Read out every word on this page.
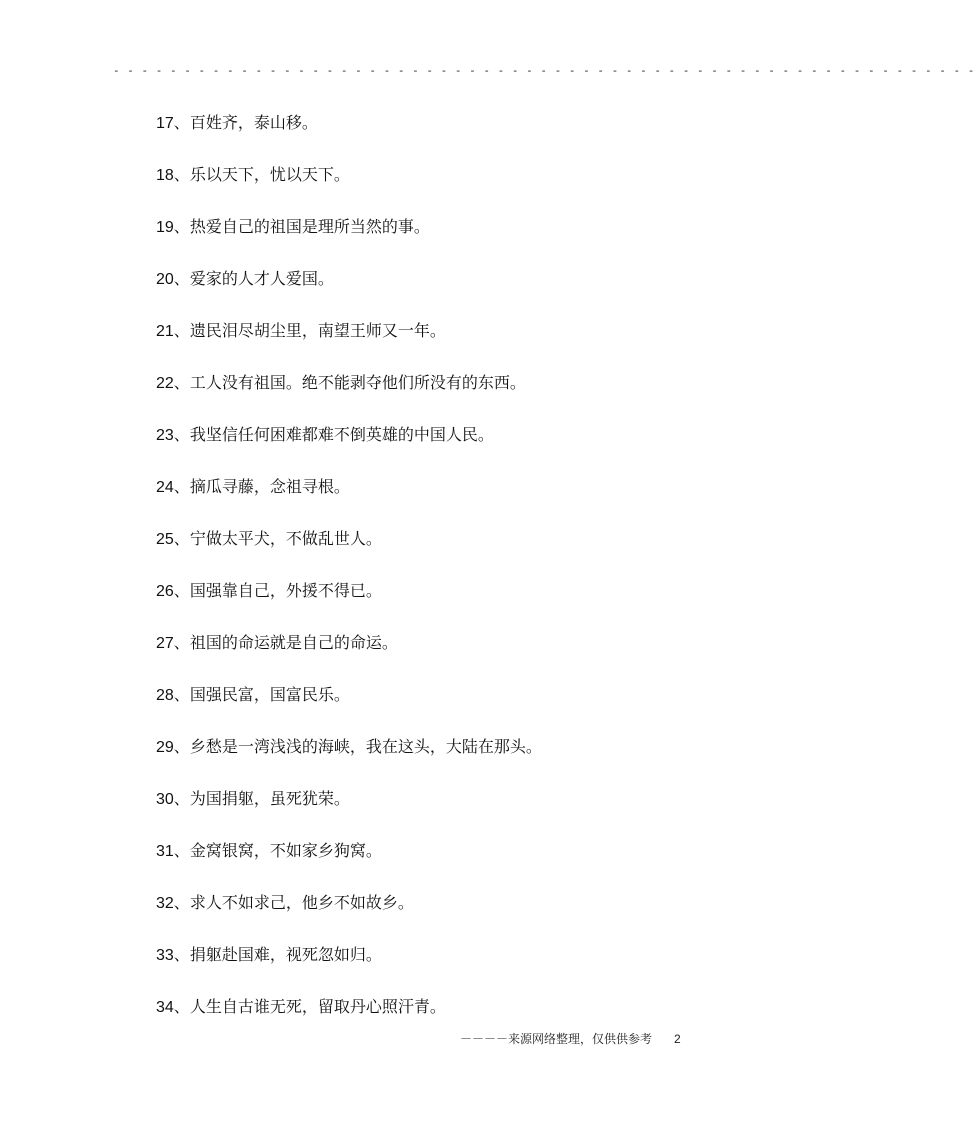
- - - - - - - - - - - - - - - - - - - - - - - - - - - - - - - - - - - - - - - - - - - - - - - - - - - - - - - - - - - - -
17、百姓齐，泰山移。
18、乐以天下，忧以天下。
19、热爱自己的祖国是理所当然的事。
20、爱家的人才人爱国。
21、遗民泪尽胡尘里，南望王师又一年。
22、工人没有祖国。绝不能剥夺他们所没有的东西。
23、我坚信任何困难都难不倒英雄的中国人民。
24、摘瓜寻藤，念祖寻根。
25、宁做太平犬，不做乱世人。
26、国强靠自己，外援不得已。
27、祖国的命运就是自己的命运。
28、国强民富，国富民乐。
29、乡愁是一湾浅浅的海峡，我在这头，大陆在那头。
30、为国捐躯，虽死犹荣。
31、金窝银窝，不如家乡狗窝。
32、求人不如求己，他乡不如故乡。
33、捐躯赴国难，视死忽如归。
34、人生自古谁无死，留取丹心照汗青。
－－－－来源网络整理，仅供供参考 2
